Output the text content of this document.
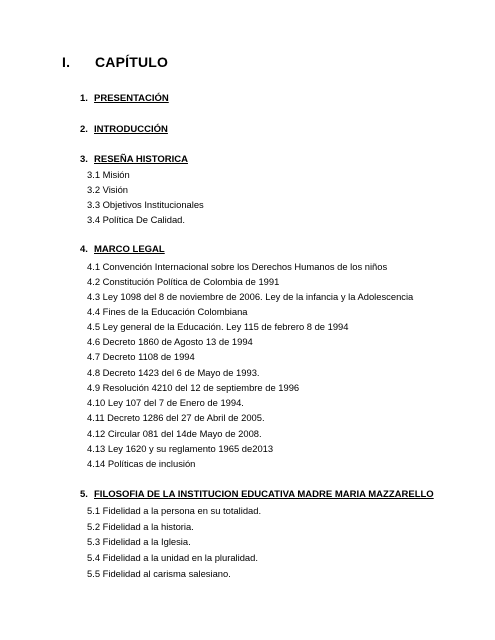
I. CAPÍTULO
1. PRESENTACIÓN
2. INTRODUCCIÓN
3. RESEÑA HISTORICA
3.1 Misión
3.2 Visión
3.3 Objetivos Institucionales
3.4 Política De Calidad.
4. MARCO LEGAL
4.1 Convención Internacional sobre los Derechos Humanos de los niños
4.2 Constitución Política de Colombia de 1991
4.3 Ley 1098 del 8 de noviembre de 2006. Ley de la infancia y la Adolescencia
4.4 Fines de la Educación Colombiana
4.5 Ley general de la Educación. Ley 115 de febrero 8 de 1994
4.6 Decreto 1860 de Agosto 13 de 1994
4.7 Decreto 1108 de 1994
4.8 Decreto 1423 del 6 de Mayo de 1993.
4.9 Resolución 4210 del 12 de septiembre de 1996
4.10 Ley 107 del 7 de Enero de 1994.
4.11 Decreto 1286 del 27 de Abril de 2005.
4.12 Circular 081 del 14de Mayo de 2008.
4.13 Ley 1620 y su reglamento 1965 de2013
4.14 Políticas de inclusión
5. FILOSOFIA DE LA INSTITUCION EDUCATIVA MADRE MARIA MAZZARELLO
5.1 Fidelidad a la persona en su totalidad.
5.2 Fidelidad a la historia.
5.3 Fidelidad a la Iglesia.
5.4 Fidelidad a la unidad en la pluralidad.
5.5 Fidelidad al carisma salesiano.
